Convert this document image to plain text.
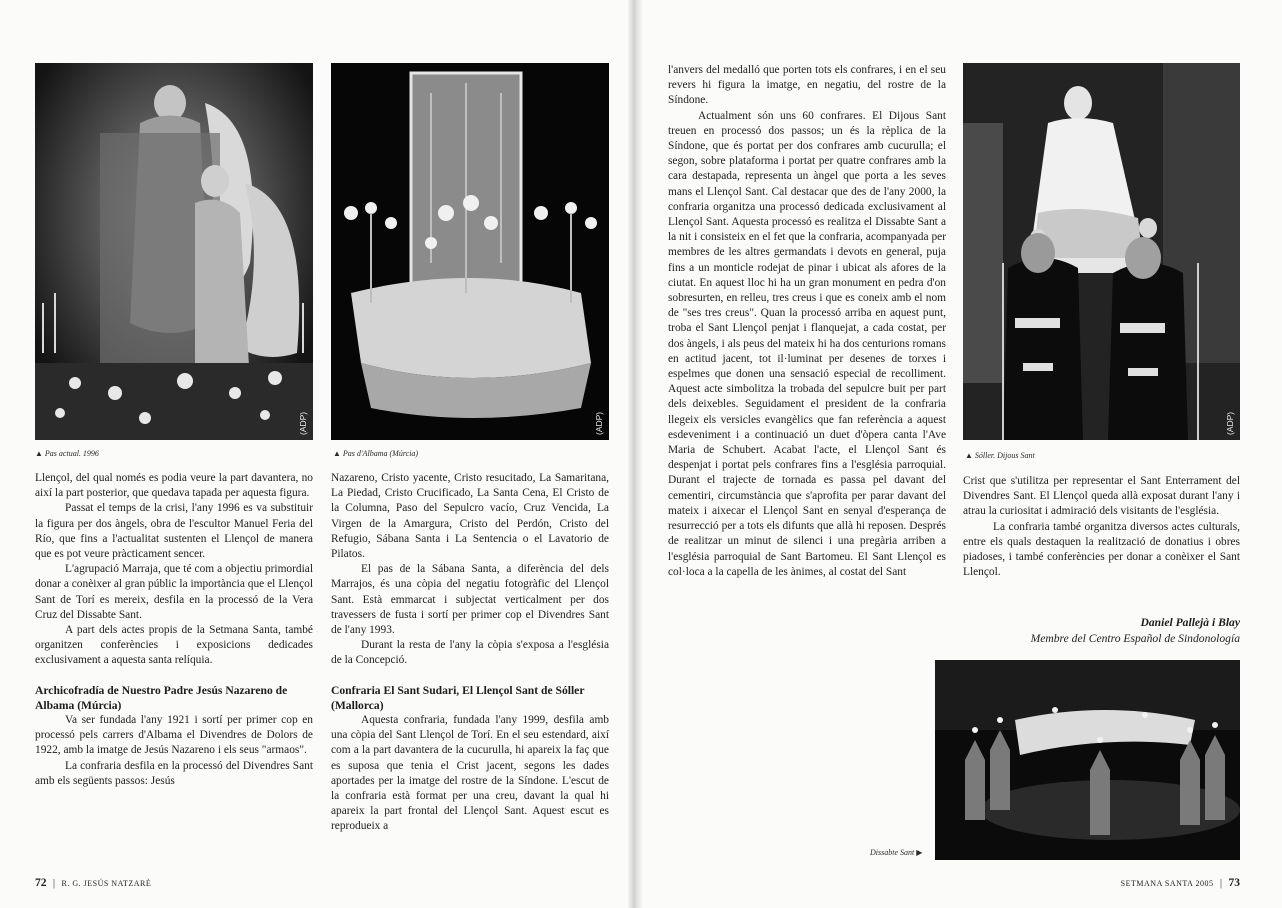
(ADP)
▲ Pas actual. 1996
(ADP)
▲ Pas d'Albama (Múrcia)

Llençol, del qual només es podia veure la part davantera, no així la part posterior, que quedava tapada per aquesta figura.

Passat el temps de la crisi, l'any 1996 es va substituir la figura per dos àngels, obra de l'escultor Manuel Feria del Río, que fins a l'actualitat sustenten el Llençol de manera que es pot veure pràcticament sencer.

L'agrupació Marraja, que té com a objectiu primordial donar a conèixer al gran públic la importància que el Llençol Sant de Torí es mereix, desfila en la processó de la Vera Cruz del Dissabte Sant.

A part dels actes propis de la Setmana Santa, també organitzen conferències i exposicions dedicades exclusivament a aquesta santa relíquia.

Archicofradía de Nuestro Padre Jesús Nazareno de Albama (Múrcia)

Va ser fundada l'any 1921 i sortí per primer cop en processó pels carrers d'Albama el Divendres de Dolors de 1922, amb la imatge de Jesús Nazareno i els seus "armaos".

La confraria desfila en la processó del Divendres Sant amb els següents passos: Jesús

Nazareno, Cristo yacente, Cristo resucitado, La Samaritana, La Piedad, Cristo Crucificado, La Santa Cena, El Cristo de la Columna, Paso del Sepulcro vacío, Cruz Vencida, La Virgen de la Amargura, Cristo del Perdón, Cristo del Refugio, Sábana Santa i La Sentencia o el Lavatorio de Pilatos.

El pas de la Sábana Santa, a diferència del dels Marrajos, és una còpia del negatiu fotogràfic del Llençol Sant. Està emmarcat i subjectat verticalment per dos travessers de fusta i sortí per primer cop el Divendres Sant de l'any 1993.

Durant la resta de l'any la còpia s'exposa a l'església de la Concepció.

Confraria El Sant Sudari, El Llençol Sant de Sóller (Mallorca)

Aquesta confraria, fundada l'any 1999, desfila amb una còpia del Sant Llençol de Torí. En el seu estendard, així com a la part davantera de la cucurulla, hi apareix la faç que es suposa que tenia el Crist jacent, segons les dades aportades per la imatge del rostre de la Síndone. L'escut de la confraria està format per una creu, davant la qual hi apareix la part frontal del Llençol Sant. Aquest escut es reprodueix a

72 | R. G. JESÚS NATZARÈ

l'anvers del medalló que porten tots els confrares, i en el seu revers hi figura la imatge, en negatiu, del rostre de la Síndone.

Actualment són uns 60 confrares. El Dijous Sant treuen en processó dos passos; un és la rèplica de la Síndone, que és portat per dos confrares amb cucurulla; el segon, sobre plataforma i portat per quatre confrares amb la cara destapada, representa un àngel que porta a les seves mans el Llençol Sant. Cal destacar que des de l'any 2000, la confraria organitza una processó dedicada exclusivament al Llençol Sant. Aquesta processó es realitza el Dissabte Sant a la nit i consisteix en el fet que la confraria, acompanyada per membres de les altres germandats i devots en general, puja fins a un monticle rodejat de pinar i ubicat als afores de la ciutat. En aquest lloc hi ha un gran monument en pedra d'on sobresurten, en relleu, tres creus i que es coneix amb el nom de "ses tres creus". Quan la processó arriba en aquest punt, troba el Sant Llençol penjat i flanquejat, a cada costat, per dos àngels, i als peus del mateix hi ha dos centurions romans en actitud jacent, tot il·luminat per desenes de torxes i espelmes que donen una sensació especial de recolliment. Aquest acte simbolitza la trobada del sepulcre buit per part dels deixebles. Seguidament el president de la confraria llegeix els versicles evangèlics que fan referència a aquest esdeveniment i a continuació un duet d'òpera canta l'Ave Maria de Schubert. Acabat l'acte, el Llençol Sant és despenjat i portat pels confrares fins a l'església parroquial. Durant el trajecte de tornada es passa pel davant del cementiri, circumstància que s'aprofita per parar davant del mateix i aixecar el Llençol Sant en senyal d'esperança de resurrecció per a tots els difunts que allà hi reposen. Després de realitzar un minut de silenci i una pregària arriben a l'església parroquial de Sant Bartomeu. El Sant Llençol es col·loca a la capella de les ànimes, al costat del Sant

(ADP)
▲ Sóller. Dijous Sant

Crist que s'utilitza per representar el Sant Enterrament del Divendres Sant. El Llençol queda allà exposat durant l'any i atrau la curiositat i admiració dels visitants de l'església.

La confraria també organitza diversos actes culturals, entre els quals destaquen la realització de donatius i obres piadoses, i també conferències per donar a conèixer el Sant Llençol.

Daniel Pallejà i Blay
Membre del Centro Español de Sindonología
Dissabte Sant ▶
SETMANA SANTA 2005 | 73
